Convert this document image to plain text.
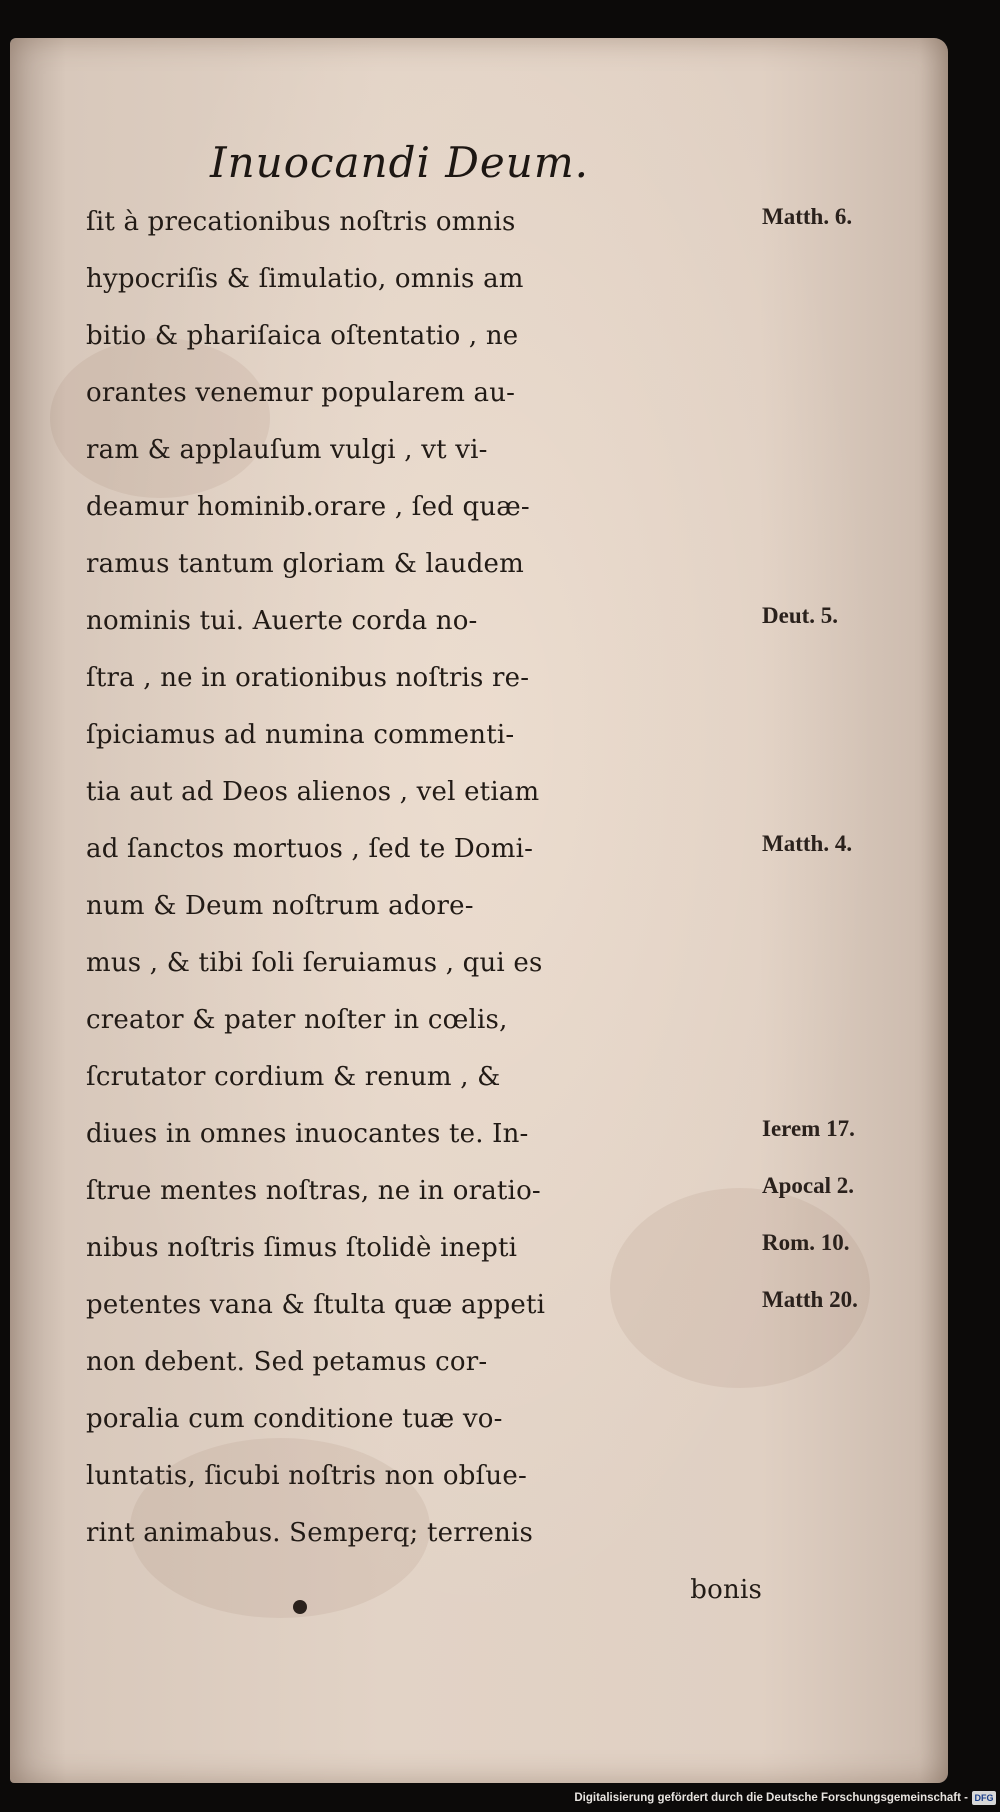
Inuocandi Deum.
ſit à precationibus noſtris omnis
hypocriſis & ſimulatio, omnis am
bitio & phariſaica oſtentatio , ne
orantes venemur popularem au-
ram & applauſum vulgi , vt vi-
deamur hominib.orare , ſed quæ-
ramus tantum gloriam & laudem
nominis tui. Auerte corda no-
ſtra , ne in orationibus noſtris re-
ſpiciamus ad numina commenti-
tia aut ad Deos alienos , vel etiam
ad ſanctos mortuos , ſed te Domi-
num & Deum noſtrum adore-
mus , & tibi ſoli ſeruiamus , qui es
creator & pater noſter in cœlis,
ſcrutator cordium & renum , &
diues in omnes inuocantes te. In-
ſtrue mentes noſtras, ne in oratio-
nibus noſtris ſimus ſtolidè inepti
petentes vana & ſtulta quæ appeti
non debent. Sed petamus cor-
poralia cum conditione tuæ vo-
luntatis, ſicubi noſtris non obſue-
rint animabus. Semperq; terrenis
bonis
Matth. 6.
Deut. 5.
Matth. 4.
Ierem 17.
Apocal 2.
Rom. 10.
Matth 20.
Digitalisierung gefördert durch die Deutsche Forschungsgemeinschaft - DFG
